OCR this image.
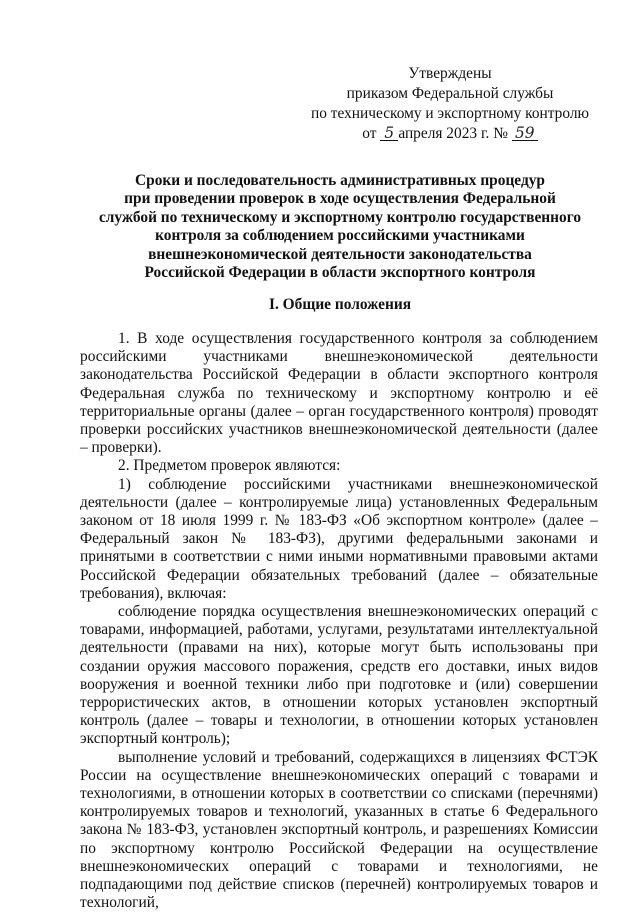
Утверждены
приказом Федеральной службы
по техническому и экспортному контролю
от 5 апреля 2023 г. № 59
Сроки и последовательность административных процедур
при проведении проверок в ходе осуществления Федеральной
службой по техническому и экспортному контролю государственного
контроля за соблюдением российскими участниками
внешнеэкономической деятельности законодательства
Российской Федерации в области экспортного контроля
I. Общие положения

1. В ходе осуществления государственного контроля за соблюдением российскими участниками внешнеэкономической деятельности законодательства Российской Федерации в области экспортного контроля Федеральная служба по техническому и экспортному контролю и её территориальные органы (далее – орган государственного контроля) проводят проверки российских участников внешнеэкономической деятельности (далее – проверки).

2. Предметом проверок являются:

1) соблюдение российскими участниками внешнеэкономической деятельности (далее – контролируемые лица) установленных Федеральным законом от 18 июля 1999 г. № 183-ФЗ «Об экспортном контроле» (далее – Федеральный закон № 183-ФЗ), другими федеральными законами и принятыми в соответствии с ними иными нормативными правовыми актами Российской Федерации обязательных требований (далее – обязательные требования), включая:

соблюдение порядка осуществления внешнеэкономических операций с товарами, информацией, работами, услугами, результатами интеллектуальной деятельности (правами на них), которые могут быть использованы при создании оружия массового поражения, средств его доставки, иных видов вооружения и военной техники либо при подготовке и (или) совершении террористических актов, в отношении которых установлен экспортный контроль (далее – товары и технологии, в отношении которых установлен экспортный контроль);

выполнение условий и требований, содержащихся в лицензиях ФСТЭК России на осуществление внешнеэкономических операций с товарами и технологиями, в отношении которых в соответствии со списками (перечнями) контролируемых товаров и технологий, указанных в статье 6 Федерального закона № 183-ФЗ, установлен экспортный контроль, и разрешениях Комиссии по экспортному контролю Российской Федерации на осуществление внешнеэкономических операций с товарами и технологиями, не подпадающими под действие списков (перечней) контролируемых товаров и технологий,
